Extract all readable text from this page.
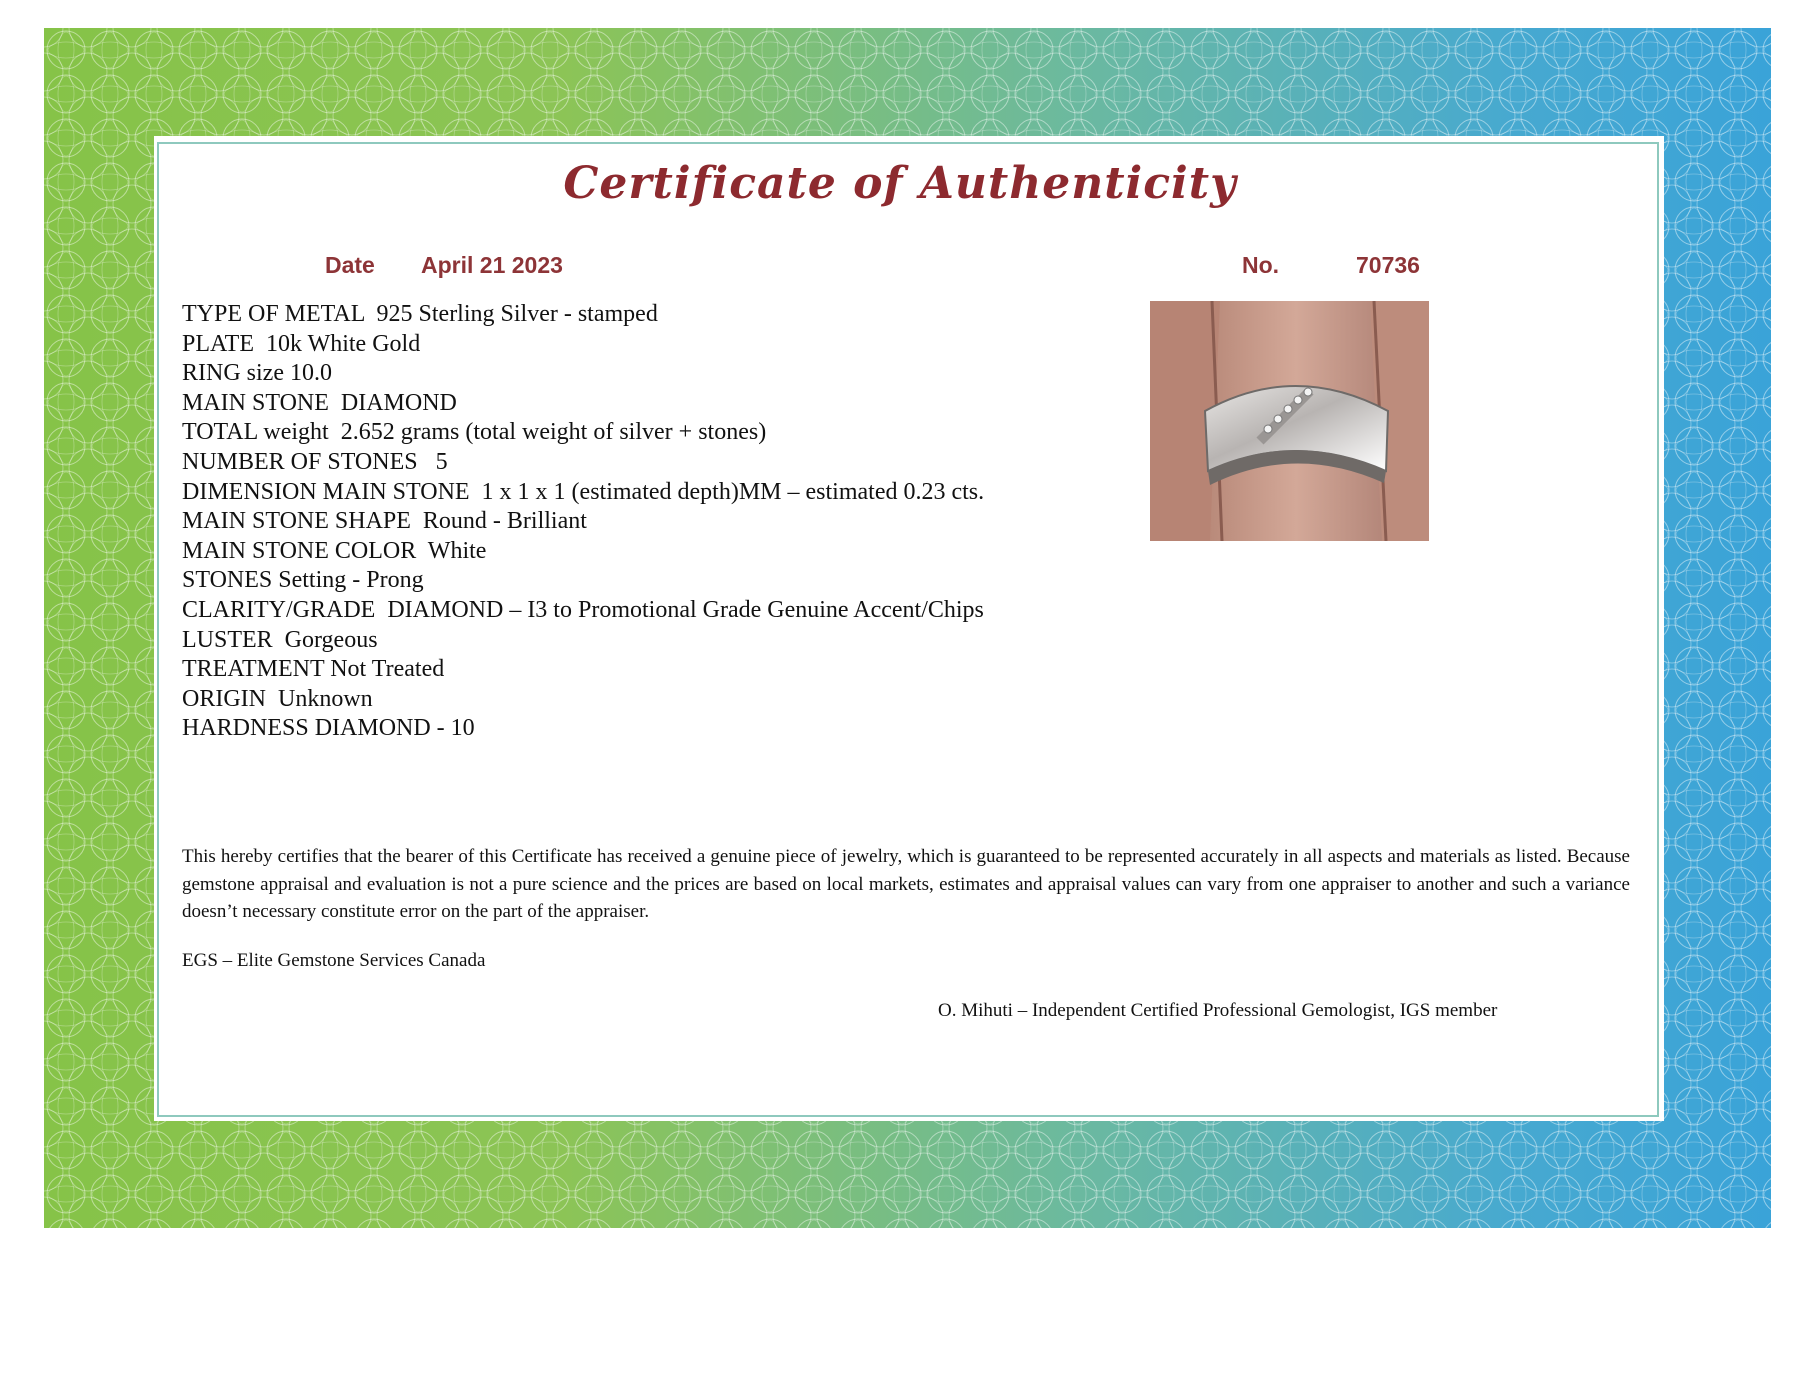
Certificate of Authenticity
Date April 21 2023	No.	70736
TYPE OF METAL  925 Sterling Silver - stamped
PLATE  10k White Gold
RING size 10.0
MAIN STONE  DIAMOND
TOTAL weight  2.652 grams (total weight of silver + stones)
NUMBER OF STONES   5
DIMENSION MAIN STONE  1 x 1 x 1 (estimated depth)MM – estimated 0.23 cts.
MAIN STONE SHAPE  Round - Brilliant
MAIN STONE COLOR  White
STONES Setting - Prong
CLARITY/GRADE  DIAMOND – I3 to Promotional Grade Genuine Accent/Chips
LUSTER  Gorgeous
TREATMENT Not Treated
ORIGIN  Unknown
HARDNESS DIAMOND - 10

This hereby certifies that the bearer of this Certificate has received a genuine piece of jewelry, which is guaranteed to be represented accurately in all aspects and materials as listed. Because gemstone appraisal and evaluation is not a pure science and the prices are based on local markets, estimates and appraisal values can vary from one appraiser to another and such a variance doesn’t necessary constitute error on the part of the appraiser.

EGS – Elite Gemstone Services Canada
O. Mihuti – Independent Certified Professional Gemologist, IGS member
